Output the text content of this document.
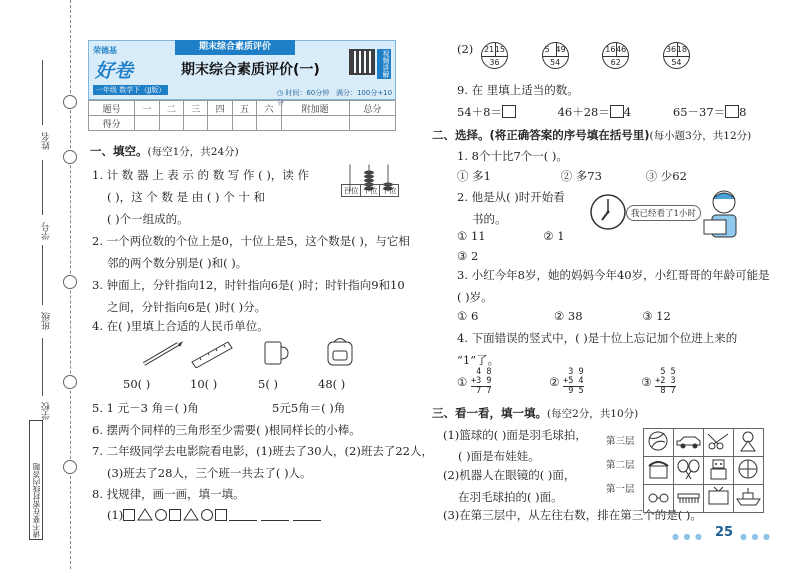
姓名
学号
班级
学校
请不要在密封线内答题
期末综合素质评价
荣德基
好卷
一年级 数学下（JJ版）
期末综合素质评价(一)
◷ 时间：60分钟 满分：100分+10分
视频讲解
题号	一	二	三	四	五	六	附加题	总分
得分								
一、填空。(每空1分，共24分)
1. 计 数 器 上 表 示 的 数 写 作 ( )，读 作
( )，这 个 数 是 由 ( ) 个 十 和
( )个一组成的。
百位 十位 个位
2. 一个两位数的个位上是0，十位上是5，这个数是( )，与它相
邻的两个数分别是( )和( )。
3. 钟面上，分针指向12，时针指向6是( )时；时针指向9和10
之间，分针指向6是( )时( )分。
4. 在( )里填上合适的人民币单位。
50( )	10( )	5( )	48( )
5. 1 元－3 角＝( )角	5元5角＝( )角
6. 摆两个同样的三角形至少需要( )根同样长的小棒。
7. 二年级同学去电影院看电影，(1)班去了30人，(2)班去了22人，
(3)班去了28人，三个班一共去了( )人。
8. 找规律，画一画，填一填。
(1)
(2) 21 15
36

5 49
54

16 46
62

36 18
54
9. 在 里填上适当的数。
54＋8＝	46＋28＝ 4	65－37＝ 8
二、选择。(将正确答案的序号填在括号里)(每小题3分，共12分)
1. 8个十比7个一( )。
① 多1	② 多73	③ 少62
2. 他是从( )时开始看
书的。
① 11	② 1
③ 2
我已经看了1小时
3. 小红今年8岁，她的妈妈今年40岁，小红哥哥的年龄可能是
( )岁。
① 6	② 38	③ 12
4. 下面错误的竖式中，( )是十位上忘记加个位进上来的
“1”了。
①
4 8
+3 9
7 7
②
3 9
+5 4
9 5
③
5 5
+2 3
8 7
三、看一看，填一填。(每空2分，共10分)
(1)篮球的( )面是羽毛球拍，
( )面是布娃娃。
(2)机器人在眼镜的( )面，
在羽毛球拍的( )面。
(3)在第三层中，从左往右数，排在第三个的是( )。
第三层
第二层
第一层

● ● ● 25 ● ● ●
